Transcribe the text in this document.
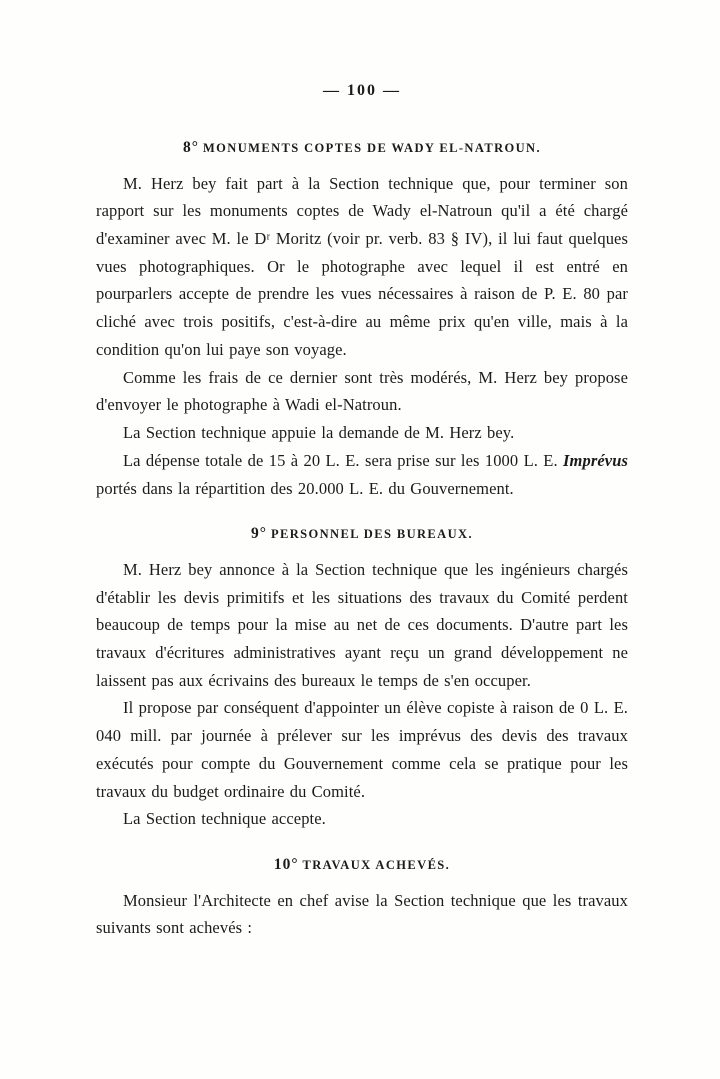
— 100 —
8° MONUMENTS COPTES DE WADY EL-NATROUN.

M. Herz bey fait part à la Section technique que, pour terminer son rapport sur les monuments coptes de Wady el-Natroun qu'il a été chargé d'examiner avec M. le Dʳ Moritz (voir pr. verb. 83 § IV), il lui faut quelques vues photographiques. Or le photographe avec lequel il est entré en pourparlers accepte de prendre les vues nécessaires à raison de P. E. 80 par cliché avec trois positifs, c'est-à-dire au même prix qu'en ville, mais à la condition qu'on lui paye son voyage.

Comme les frais de ce dernier sont très modérés, M. Herz bey propose d'envoyer le photographe à Wadi el-Natroun.

La Section technique appuie la demande de M. Herz bey.

La dépense totale de 15 à 20 L. E. sera prise sur les 1000 L. E. Imprévus portés dans la répartition des 20.000 L. E. du Gouvernement.

9° PERSONNEL DES BUREAUX.

M. Herz bey annonce à la Section technique que les ingénieurs chargés d'établir les devis primitifs et les situations des travaux du Comité perdent beaucoup de temps pour la mise au net de ces documents. D'autre part les travaux d'écritures administratives ayant reçu un grand développement ne laissent pas aux écrivains des bureaux le temps de s'en occuper.

Il propose par conséquent d'appointer un élève copiste à raison de 0 L. E. 040 mill. par journée à prélever sur les imprévus des devis des travaux exécutés pour compte du Gouvernement comme cela se pratique pour les travaux du budget ordinaire du Comité.

La Section technique accepte.

10° TRAVAUX ACHEVÉS.

Monsieur l'Architecte en chef avise la Section technique que les travaux suivants sont achevés :
